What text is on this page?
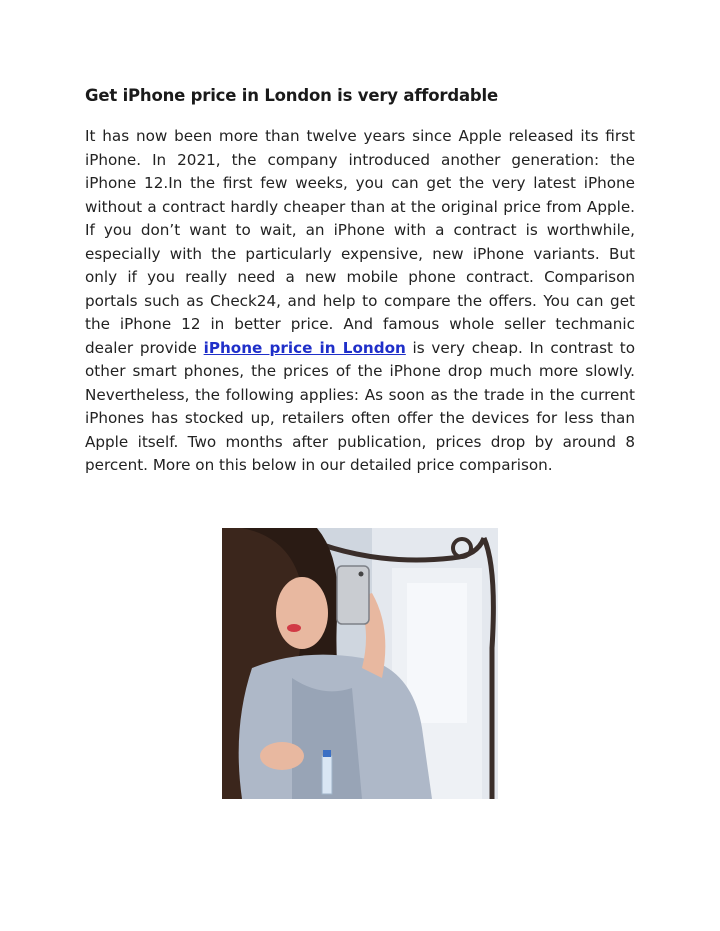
Get iPhone price in London is very affordable
It has now been more than twelve years since Apple released its first iPhone. In 2021, the company introduced another generation: the iPhone 12.In the first few weeks, you can get the very latest iPhone without a contract hardly cheaper than at the original price from Apple. If you don’t want to wait, an iPhone with a contract is worthwhile, especially with the particularly expensive, new iPhone variants. But only if you really need a new mobile phone contract. Comparison portals such as Check24, and help to compare the offers. You can get the iPhone 12 in better price. And famous whole seller techmanic dealer provide iPhone price in London is very cheap. In contrast to other smart phones, the prices of the iPhone drop much more slowly. Nevertheless, the following applies: As soon as the trade in the current iPhones has stocked up, retailers often offer the devices for less than Apple itself. Two months after publication, prices drop by around 8 percent. More on this below in our detailed price comparison.
